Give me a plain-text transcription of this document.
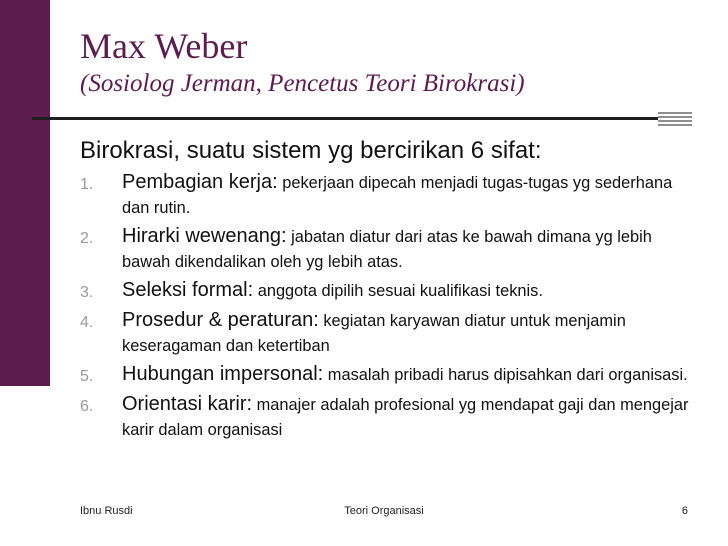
Max Weber
(Sosiolog Jerman, Pencetus Teori Birokrasi)
Birokrasi, suatu sistem yg bercirikan 6 sifat:
1.	Pembagian kerja: pekerjaan dipecah menjadi tugas-tugas yg sederhana dan rutin.
2.	Hirarki wewenang: jabatan diatur dari atas ke bawah dimana yg lebih bawah dikendalikan oleh yg lebih atas.
3.	Seleksi formal: anggota dipilih sesuai kualifikasi teknis.
4.	Prosedur & peraturan: kegiatan karyawan diatur untuk menjamin keseragaman dan ketertiban
5.	Hubungan impersonal: masalah pribadi harus dipisahkan dari organisasi.
6.	Orientasi karir: manajer adalah profesional yg mendapat gaji dan mengejar karir dalam organisasi
Ibnu Rusdi	Teori Organisasi	6
